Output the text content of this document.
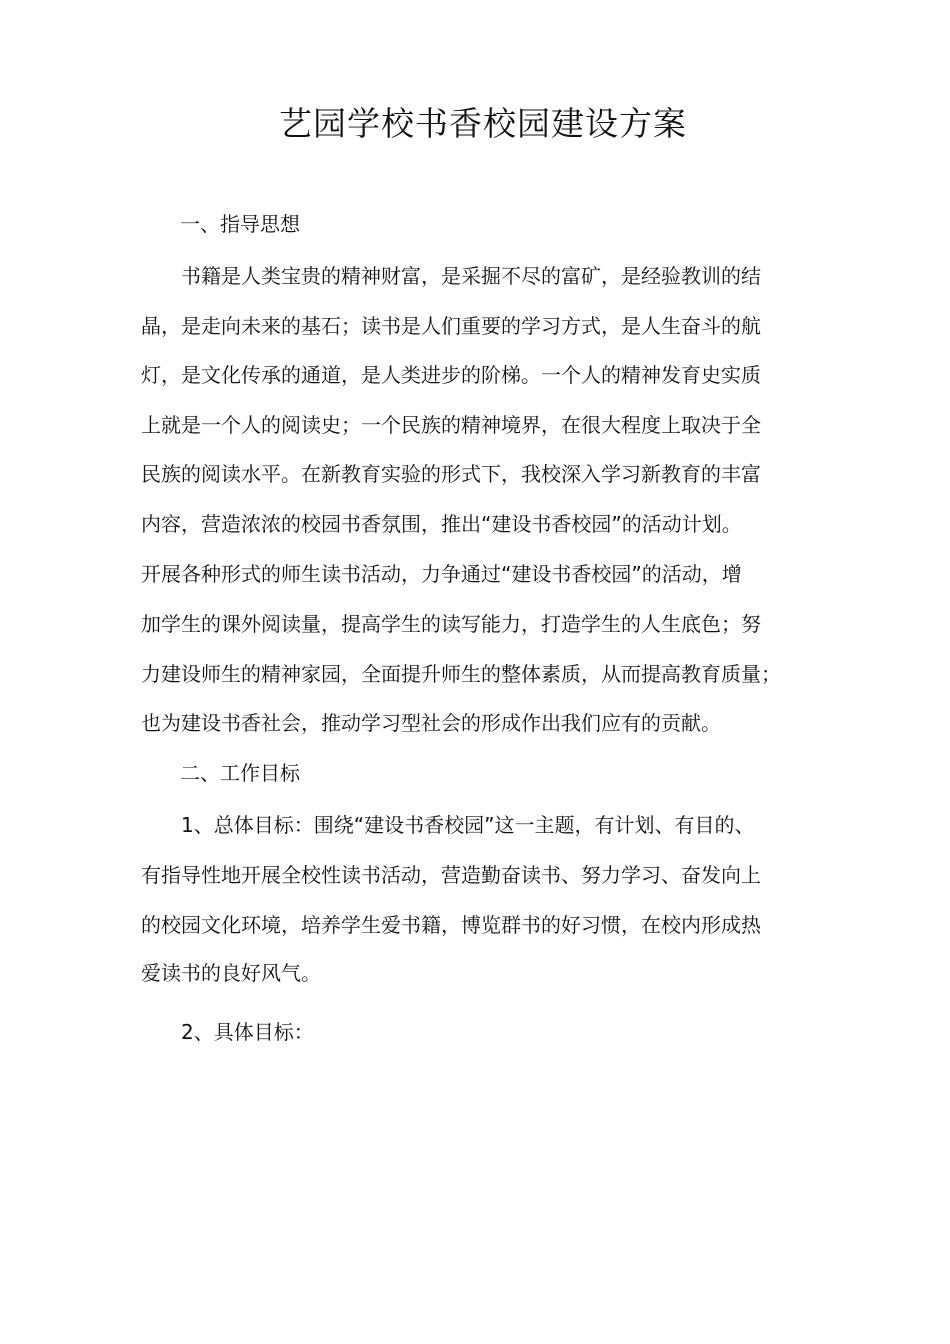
艺园学校书香校园建设方案

一、指导思想

书籍是人类宝贵的精神财富，是采掘不尽的富矿，是经验教训的结

晶，是走向未来的基石；读书是人们重要的学习方式，是人生奋斗的航

灯，是文化传承的通道，是人类进步的阶梯。一个人的精神发育史实质

上就是一个人的阅读史；一个民族的精神境界，在很大程度上取决于全

民族的阅读水平。在新教育实验的形式下，我校深入学习新教育的丰富

内容，营造浓浓的校园书香氛围，推出“建设书香校园”的活动计划。

开展各种形式的师生读书活动，力争通过“建设书香校园”的活动，增

加学生的课外阅读量，提高学生的读写能力，打造学生的人生底色；努

力建设师生的精神家园，全面提升师生的整体素质，从而提高教育质量；

也为建设书香社会，推动学习型社会的形成作出我们应有的贡献。

二、工作目标

1、总体目标：围绕“建设书香校园”这一主题，有计划、有目的、

有指导性地开展全校性读书活动，营造勤奋读书、努力学习、奋发向上

的校园文化环境，培养学生爱书籍，博览群书的好习惯，在校内形成热

爱读书的良好风气。

2、具体目标：
